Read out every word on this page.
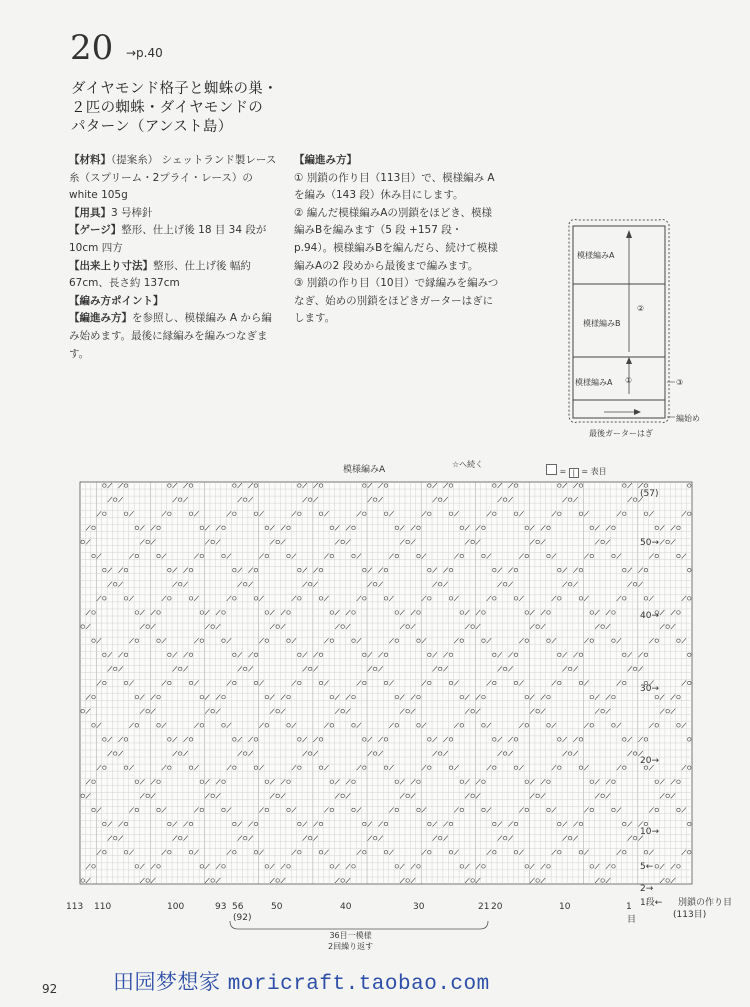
20 →p.40
ダイヤモンド格子と蜘蛛の巣・
２匹の蜘蛛・ダイヤモンドの
パターン（アンスト島）

【材料】（提案糸） シェットランド製レース糸（スプリーム・2プライ・レース）の white 105g

【用具】3 号棒針

【ゲージ】整形、仕上げ後 18 目 34 段が 10cm 四方

【出来上り寸法】整形、仕上げ後 幅約 67cm、長さ約 137cm

【編み方ポイント】

【編進み方】を参照し、模様編み A から編み始めます。最後に縁編みを編みつなぎます。

【編進み方】

① 別鎖の作り目（113目）で、模様編み Aを編み（143 段）休み目にします。

② 編んだ模様編みAの別鎖をほどき、模様編みBを編みます（5 段 +157 段・p.94）。模様編みBを編んだら、続けて模様編みAの2 段めから最後まで編みます。

③ 別鎖の作り目（10目）で縁編みを編みつなぎ、始めの別鎖をほどきガーターはぎにします。

模様編みA
模様編みB
②
模様編みA ①	③
編始め
最後ガーターはぎ
模様編みA
☆へ続く
= | = 表目
(57)
50→
40→
30→
20→
10→
5←
2→
1段← 別鎖の作り目
(113目)
113 110	100	93 56	50	40	30	21 20	10	1
目
(92)
36目一模様
2回繰り返す
田园梦想家 moricraft.taobao.com
92
